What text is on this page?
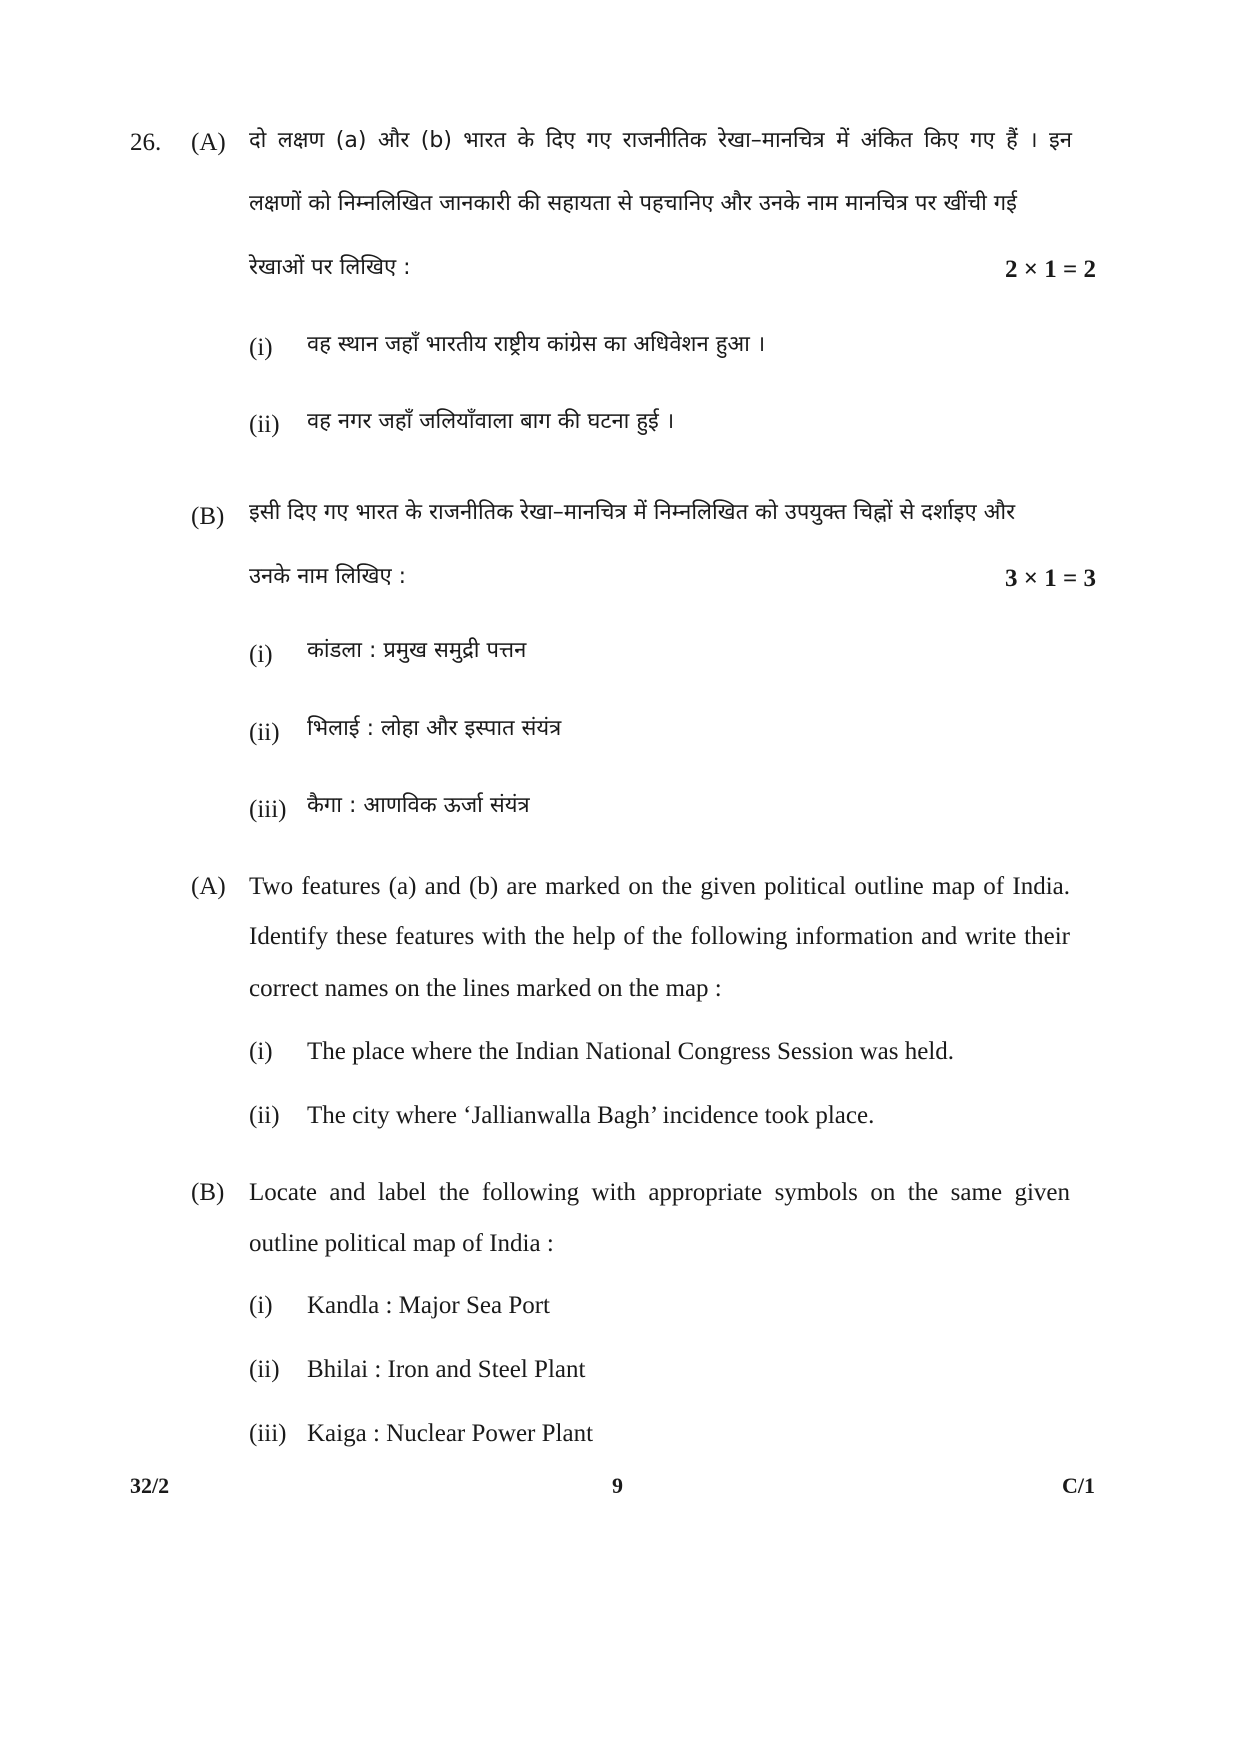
26. (A) दो लक्षण (a) और (b) भारत के दिए गए राजनीतिक रेखा–मानचित्र में अंकित किए गए हैं । इन
लक्षणों को निम्नलिखित जानकारी की सहायता से पहचानिए और उनके नाम मानचित्र पर खींची गई
रेखाओं पर लिखिए :	2 × 1 = 2
(i) वह स्थान जहाँ भारतीय राष्ट्रीय कांग्रेस का अधिवेशन हुआ ।
(ii) वह नगर जहाँ जलियाँवाला बाग की घटना हुई ।
(B) इसी दिए गए भारत के राजनीतिक रेखा–मानचित्र में निम्नलिखित को उपयुक्त चिह्नों से दर्शाइए और
उनके नाम लिखिए :	3 × 1 = 3
(i) कांडला : प्रमुख समुद्री पत्तन
(ii) भिलाई : लोहा और इस्पात संयंत्र
(iii) कैगा : आणविक ऊर्जा संयंत्र
(A) Two features (a) and (b) are marked on the given political outline map of India.
Identify these features with the help of the following information and write their
correct names on the lines marked on the map :
(i) The place where the Indian National Congress Session was held.
(ii) The city where ‘Jallianwalla Bagh’ incidence took place.
(B) Locate and label the following with appropriate symbols on the same given
outline political map of India :
(i) Kandla : Major Sea Port
(ii) Bhilai : Iron and Steel Plant
(iii) Kaiga : Nuclear Power Plant
32/2	9	C/1
